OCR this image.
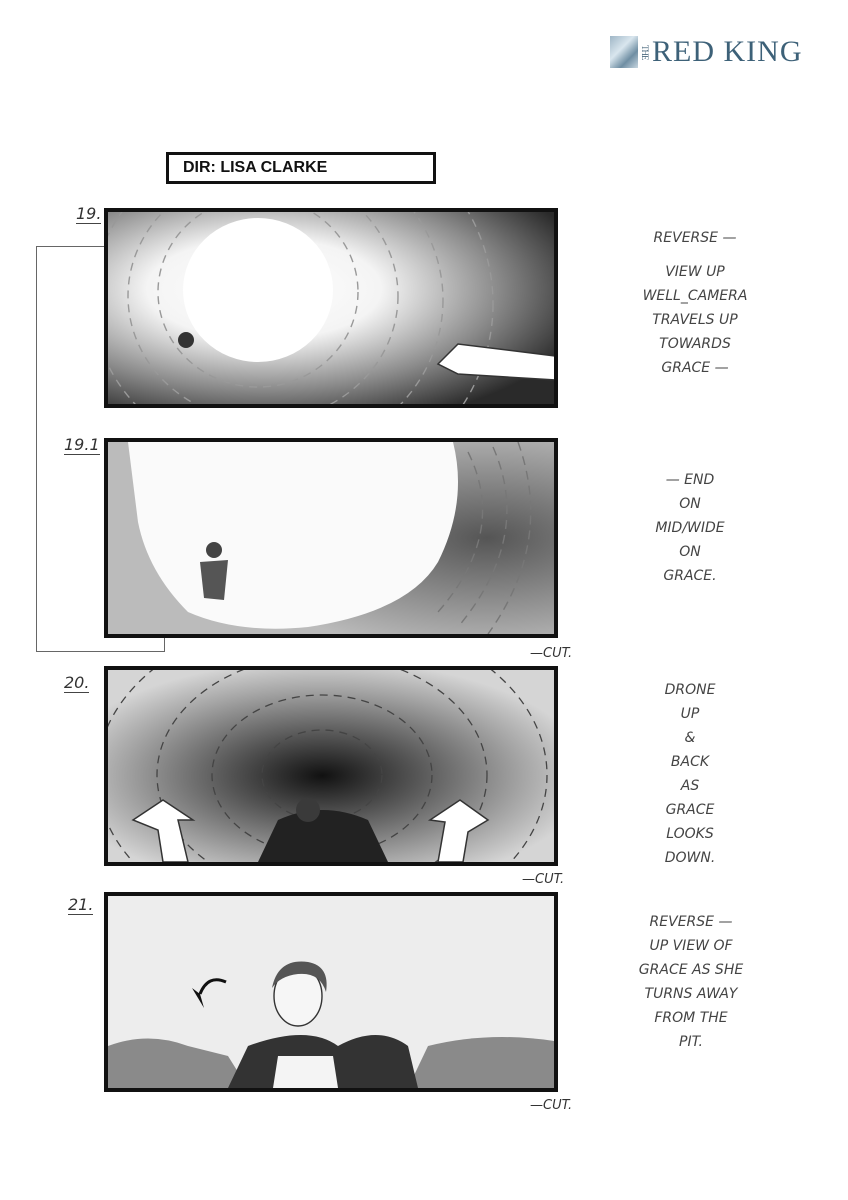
THE RED KING
DIR: LISA CLARKE
19.
REVERSE —
VIEW UP
WELL_CAMERA
TRAVELS UP
TOWARDS
GRACE —
19.1
— END
ON
MID/WIDE
ON
GRACE.
—CUT.
20.	DRONE
UP
&
BACK
AS
GRACE
LOOKS
DOWN.
—CUT.
21.
REVERSE —
UP VIEW OF
GRACE AS SHE
TURNS AWAY
FROM THE
PIT.
—CUT.
